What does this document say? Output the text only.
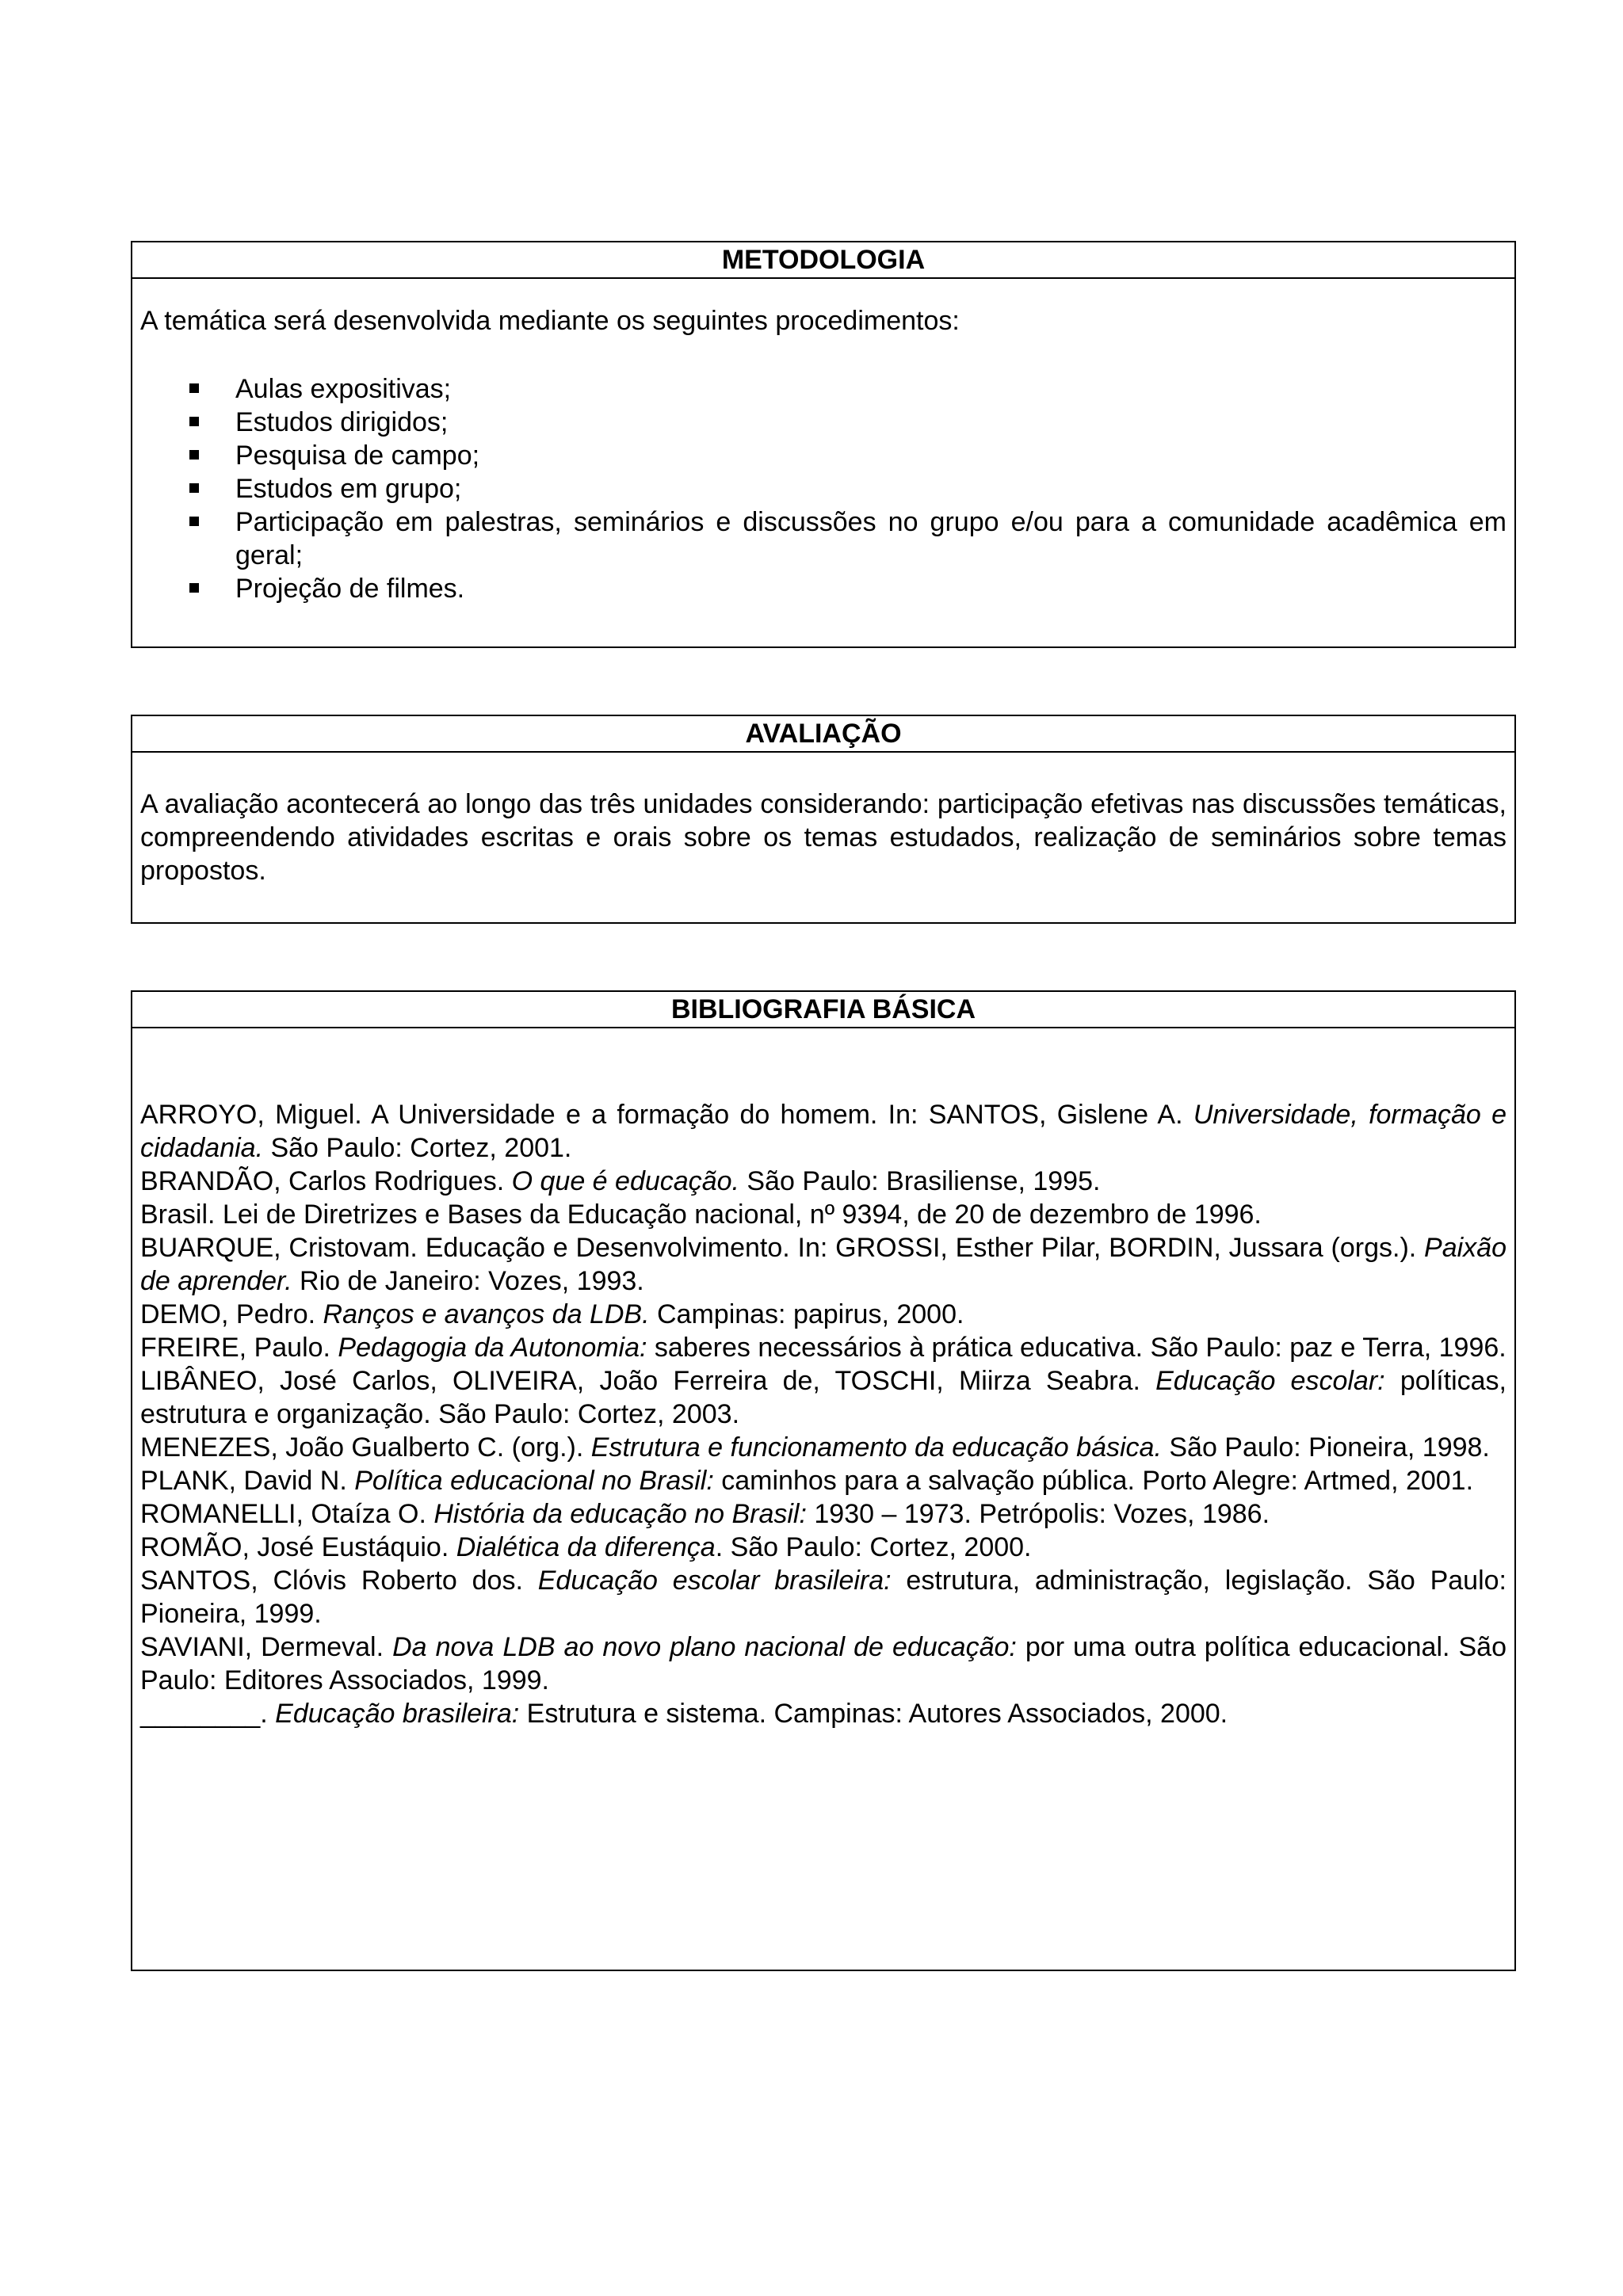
METODOLOGIA
A temática será desenvolvida mediante os seguintes procedimentos:
Aulas expositivas;
Estudos dirigidos;
Pesquisa de campo;
Estudos em grupo;
Participação em palestras, seminários e discussões no grupo e/ou para a comunidade acadêmica em geral;
Projeção de filmes.
AVALIAÇÃO
A avaliação acontecerá ao longo das três unidades considerando: participação efetivas nas discussões temáticas, compreendendo atividades escritas e orais sobre os temas estudados, realização de seminários sobre temas propostos.
BIBLIOGRAFIA BÁSICA

ARROYO, Miguel. A Universidade e a formação do homem. In: SANTOS, Gislene A. Universidade, formação e cidadania. São Paulo: Cortez, 2001.

BRANDÃO, Carlos Rodrigues. O que é educação. São Paulo: Brasiliense, 1995.

Brasil. Lei de Diretrizes e Bases da Educação nacional, nº 9394, de 20 de dezembro de 1996.

BUARQUE, Cristovam. Educação e Desenvolvimento. In: GROSSI, Esther Pilar, BORDIN, Jussara (orgs.). Paixão de aprender. Rio de Janeiro: Vozes, 1993.

DEMO, Pedro. Ranços e avanços da LDB. Campinas: papirus, 2000.

FREIRE, Paulo. Pedagogia da Autonomia: saberes necessários à prática educativa. São Paulo: paz e Terra, 1996.

LIBÂNEO, José Carlos, OLIVEIRA, João Ferreira de, TOSCHI, Miirza Seabra. Educação escolar: políticas, estrutura e organização. São Paulo: Cortez, 2003.

MENEZES, João Gualberto C. (org.). Estrutura e funcionamento da educação básica. São Paulo: Pioneira, 1998.

PLANK, David N. Política educacional no Brasil: caminhos para a salvação pública. Porto Alegre: Artmed, 2001.

ROMANELLI, Otaíza O. História da educação no Brasil: 1930 – 1973. Petrópolis: Vozes, 1986.

ROMÃO, José Eustáquio. Dialética da diferença. São Paulo: Cortez, 2000.

SANTOS, Clóvis Roberto dos. Educação escolar brasileira: estrutura, administração, legislação. São Paulo: Pioneira, 1999.

SAVIANI, Dermeval. Da nova LDB ao novo plano nacional de educação: por uma outra política educacional. São Paulo: Editores Associados, 1999.

________. Educação brasileira: Estrutura e sistema. Campinas: Autores Associados, 2000.
